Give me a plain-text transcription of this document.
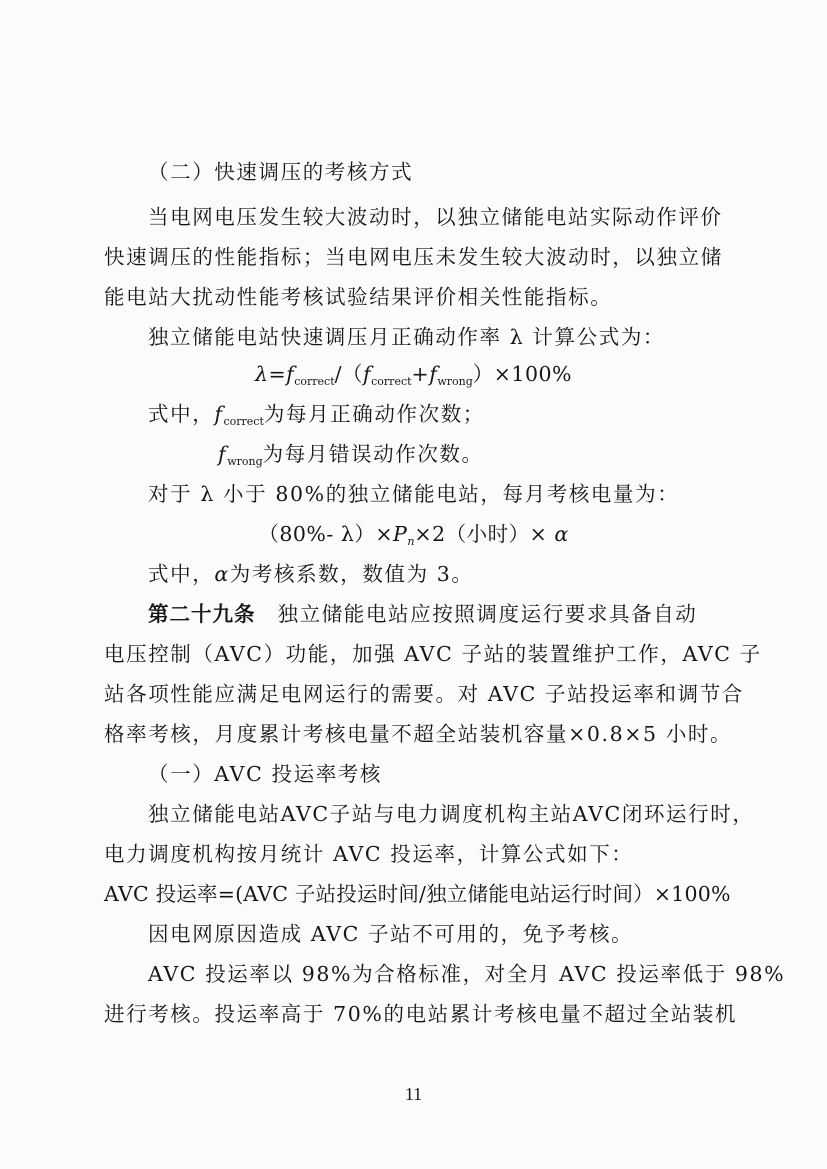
（二）快速调压的考核方式
当电网电压发生较大波动时，以独立储能电站实际动作评价
快速调压的性能指标；当电网电压未发生较大波动时，以独立储
能电站大扰动性能考核试验结果评价相关性能指标。
独立储能电站快速调压月正确动作率 λ 计算公式为：
$\lambda=f_{correct}/(f_{correct}+f_{wrong})\times 100\%$
式中，$f_{correct}$为每月正确动作次数；
$f_{wrong}$为每月错误动作次数。
对于 λ 小于 80%的独立储能电站，每月考核电量为：
（80%- $\lambda)\times P_n\times 2$（小时）× α
式中，α为考核系数，数值为 3。
第二十九条 独立储能电站应按照调度运行要求具备自动
电压控制（AVC）功能，加强 AVC 子站的装置维护工作，AVC 子
站各项性能应满足电网运行的需要。对 AVC 子站投运率和调节合
格率考核，月度累计考核电量不超全站装机容量×0.8×5 小时。
（一）AVC 投运率考核
独立储能电站AVC子站与电力调度机构主站AVC闭环运行时，
电力调度机构按月统计 AVC 投运率，计算公式如下：
AVC 投运率=(AVC 子站投运时间/独立储能电站运行时间）×100%
因电网原因造成 AVC 子站不可用的，免予考核。
AVC 投运率以 98%为合格标准，对全月 AVC 投运率低于 98%
进行考核。投运率高于 70%的电站累计考核电量不超过全站装机
11
